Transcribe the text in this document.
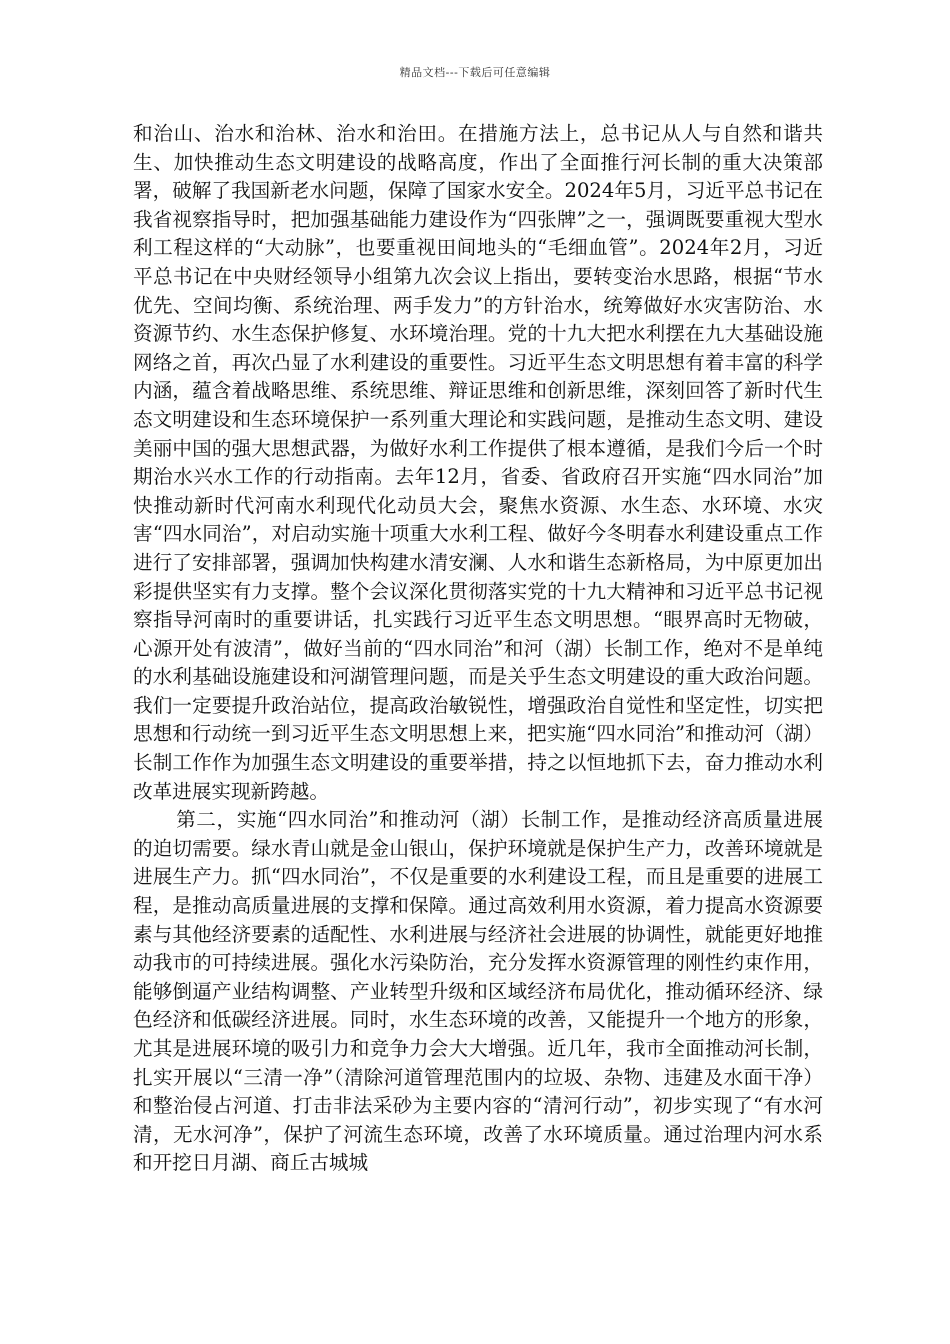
精品文档---下载后可任意编辑

和治山、治水和治林、治水和治田。在措施方法上，总书记从人与自然和谐共生、加快推动生态文明建设的战略高度，作出了全面推行河长制的重大决策部署，破解了我国新老水问题，保障了国家水安全。2024年5月，习近平总书记在我省视察指导时，把加强基础能力建设作为“四张牌”之一，强调既要重视大型水利工程这样的“大动脉”，也要重视田间地头的“毛细血管”。2024年2月，习近平总书记在中央财经领导小组第九次会议上指出，要转变治水思路，根据“节水优先、空间均衡、系统治理、两手发力”的方针治水，统筹做好水灾害防治、水资源节约、水生态保护修复、水环境治理。党的十九大把水利摆在九大基础设施网络之首，再次凸显了水利建设的重要性。习近平生态文明思想有着丰富的科学内涵，蕴含着战略思维、系统思维、辩证思维和创新思维，深刻回答了新时代生态文明建设和生态环境保护一系列重大理论和实践问题，是推动生态文明、建设美丽中国的强大思想武器，为做好水利工作提供了根本遵循，是我们今后一个时期治水兴水工作的行动指南。去年12月，省委、省政府召开实施“四水同治”加快推动新时代河南水利现代化动员大会，聚焦水资源、水生态、水环境、水灾害“四水同治”，对启动实施十项重大水利工程、做好今冬明春水利建设重点工作进行了安排部署，强调加快构建水清安澜、人水和谐生态新格局，为中原更加出彩提供坚实有力支撑。整个会议深化贯彻落实党的十九大精神和习近平总书记视察指导河南时的重要讲话，扎实践行习近平生态文明思想。“眼界高时无物破，心源开处有波清”，做好当前的“四水同治”和河（湖）长制工作，绝对不是单纯的水利基础设施建设和河湖管理问题，而是关乎生态文明建设的重大政治问题。我们一定要提升政治站位，提高政治敏锐性，增强政治自觉性和坚定性，切实把思想和行动统一到习近平生态文明思想上来，把实施“四水同治”和推动河（湖）长制工作作为加强生态文明建设的重要举措，持之以恒地抓下去，奋力推动水利改革进展实现新跨越。

第二，实施“四水同治”和推动河（湖）长制工作，是推动经济高质量进展的迫切需要。绿水青山就是金山银山，保护环境就是保护生产力，改善环境就是进展生产力。抓“四水同治”，不仅是重要的水利建设工程，而且是重要的进展工程，是推动高质量进展的支撑和保障。通过高效利用水资源，着力提高水资源要素与其他经济要素的适配性、水利进展与经济社会进展的协调性，就能更好地推动我市的可持续进展。强化水污染防治，充分发挥水资源管理的刚性约束作用，能够倒逼产业结构调整、产业转型升级和区域经济布局优化，推动循环经济、绿色经济和低碳经济进展。同时，水生态环境的改善，又能提升一个地方的形象，尤其是进展环境的吸引力和竞争力会大大增强。近几年，我市全面推动河长制，扎实开展以“三清一净”（清除河道管理范围内的垃圾、杂物、违建及水面干净）和整治侵占河道、打击非法采砂为主要内容的“清河行动”，初步实现了“有水河清，无水河净”，保护了河流生态环境，改善了水环境质量。通过治理内河水系和开挖日月湖、商丘古城城
